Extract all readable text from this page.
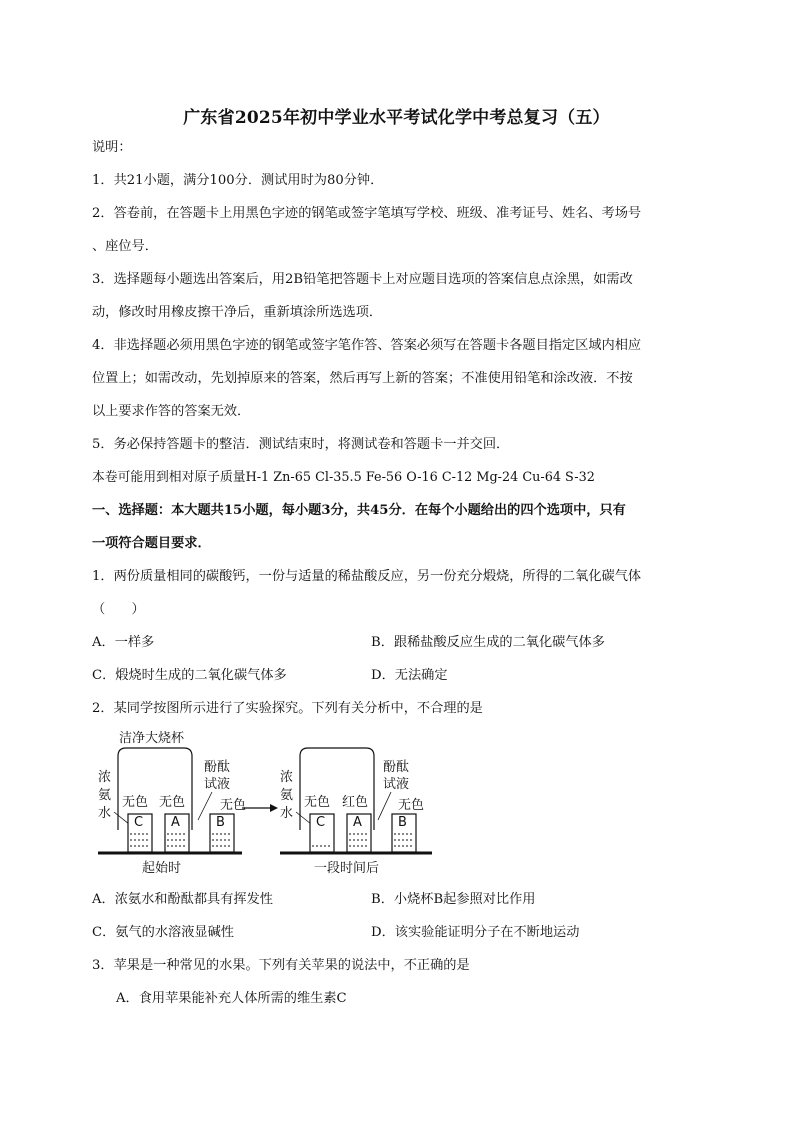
广东省2025年初中学业水平考试化学中考总复习（五）
说明：
1．共21小题，满分100分．测试用时为80分钟．
2．答卷前，在答题卡上用黑色字迹的钢笔或签字笔填写学校、班级、准考证号、姓名、考场号
、座位号．
3．选择题每小题选出答案后，用2B铅笔把答题卡上对应题目选项的答案信息点涂黑，如需改
动，修改时用橡皮擦干净后，重新填涂所选选项．
4．非选择题必须用黑色字迹的钢笔或签字笔作答、答案必须写在答题卡各题目指定区域内相应
位置上；如需改动，先划掉原来的答案，然后再写上新的答案；不准使用铅笔和涂改液．不按
以上要求作答的答案无效．
5．务必保持答题卡的整洁．测试结束时，将测试卷和答题卡一并交回．
本卷可能用到相对原子质量H-1 Zn-65 Cl-35.5 Fe-56 O-16 C-12 Mg-24 Cu-64 S-32
一、选择题：本大题共15小题，每小题3分，共45分．在每个小题给出的四个选项中，只有
一项符合题目要求．
1．两份质量相同的碳酸钙，一份与适量的稀盐酸反应，另一份充分煅烧，所得的二氧化碳气体
（　　）
A．一样多	B．跟稀盐酸反应生成的二氧化碳气体多
C．煅烧时生成的二氧化碳气体多	D．无法确定
2．某同学按图所示进行了实验探究。下列有关分析中，不合理的是
洁净大烧杯
浓
氨
水
无色 无色
酚酞
试液
无色
C A	B
起始时
浓
氨
水
无色 红色
酚酞
试液
无色
C A	B
一段时间后
A．浓氨水和酚酞都具有挥发性	B．小烧杯B起参照对比作用
C．氨气的水溶液显碱性	D．该实验能证明分子在不断地运动
3．苹果是一种常见的水果。下列有关苹果的说法中，不正确的是
A．食用苹果能补充人体所需的维生素C
